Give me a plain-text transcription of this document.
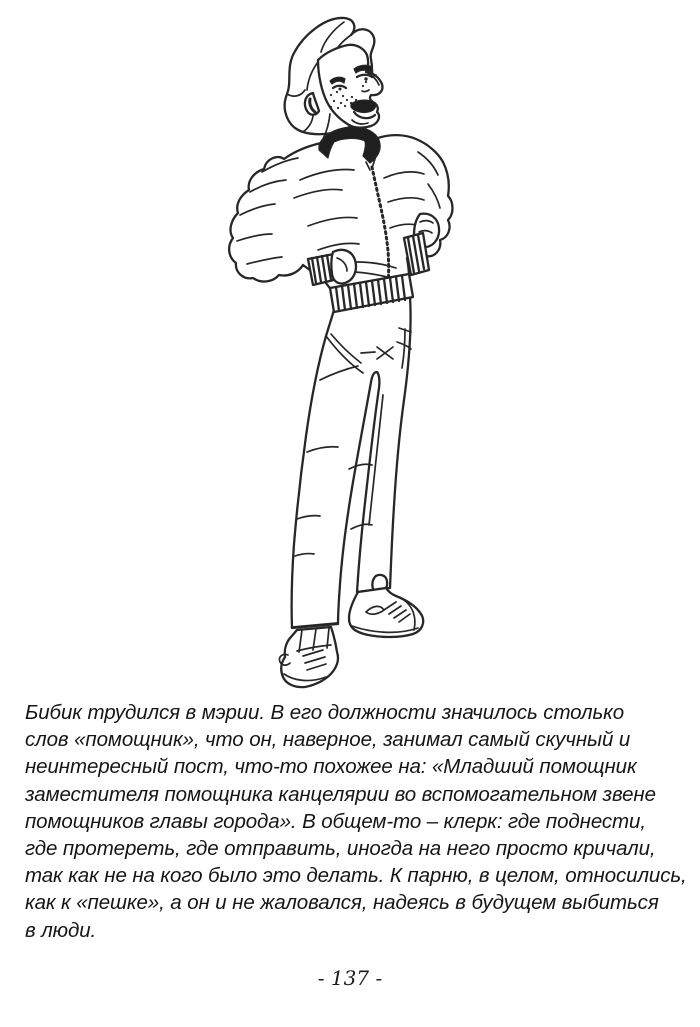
Бибик трудился в мэрии. В его должности значилось столько
слов «помощник», что он, наверное, занимал самый скучный и
неинтересный пост, что-то похожее на: «Младший помощник
заместителя помощника канцелярии во вспомогательном звене
помощников главы города». В общем-то – клерк: где поднести,
где протереть, где отправить, иногда на него просто кричали,
так как не на кого было это делать. К парню, в целом, относились,
как к «пешке», а он и не жаловался, надеясь в будущем выбиться
в люди.
- 137 -
